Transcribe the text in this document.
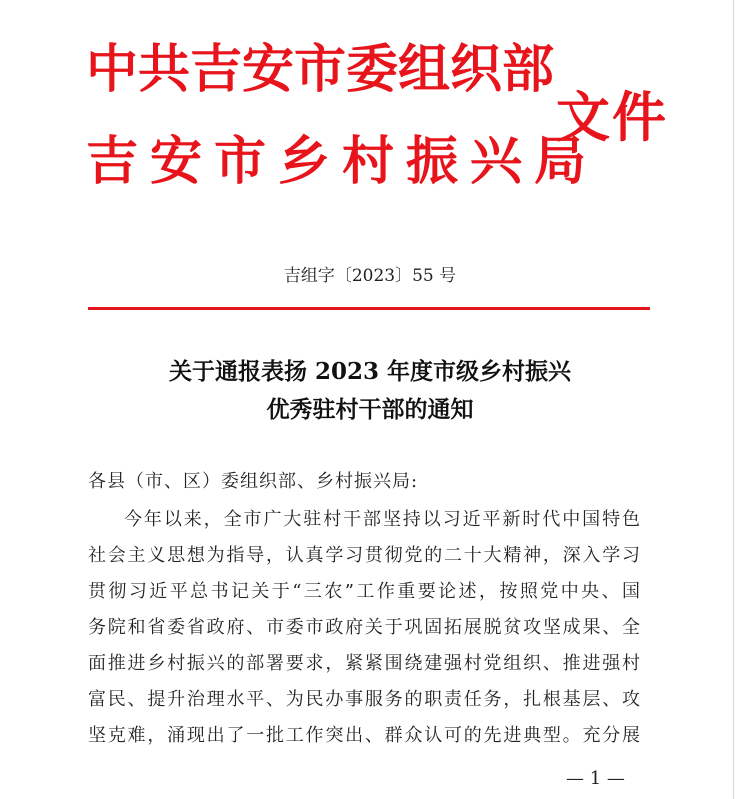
中共吉安市委组织部
吉安市乡村振兴局
文件
吉组字〔2023〕55 号
关于通报表扬 2023 年度市级乡村振兴
优秀驻村干部的通知
各县（市、区）委组织部、乡村振兴局:
今年以来，全市广大驻村干部坚持以习近平新时代中国特色
社会主义思想为指导，认真学习贯彻党的二十大精神，深入学习
贯彻习近平总书记关于“三农”工作重要论述，按照党中央、国
务院和省委省政府、市委市政府关于巩固拓展脱贫攻坚成果、全
面推进乡村振兴的部署要求，紧紧围绕建强村党组织、推进强村
富民、提升治理水平、为民办事服务的职责任务，扎根基层、攻
坚克难，涌现出了一批工作突出、群众认可的先进典型。充分展
— 1 —
